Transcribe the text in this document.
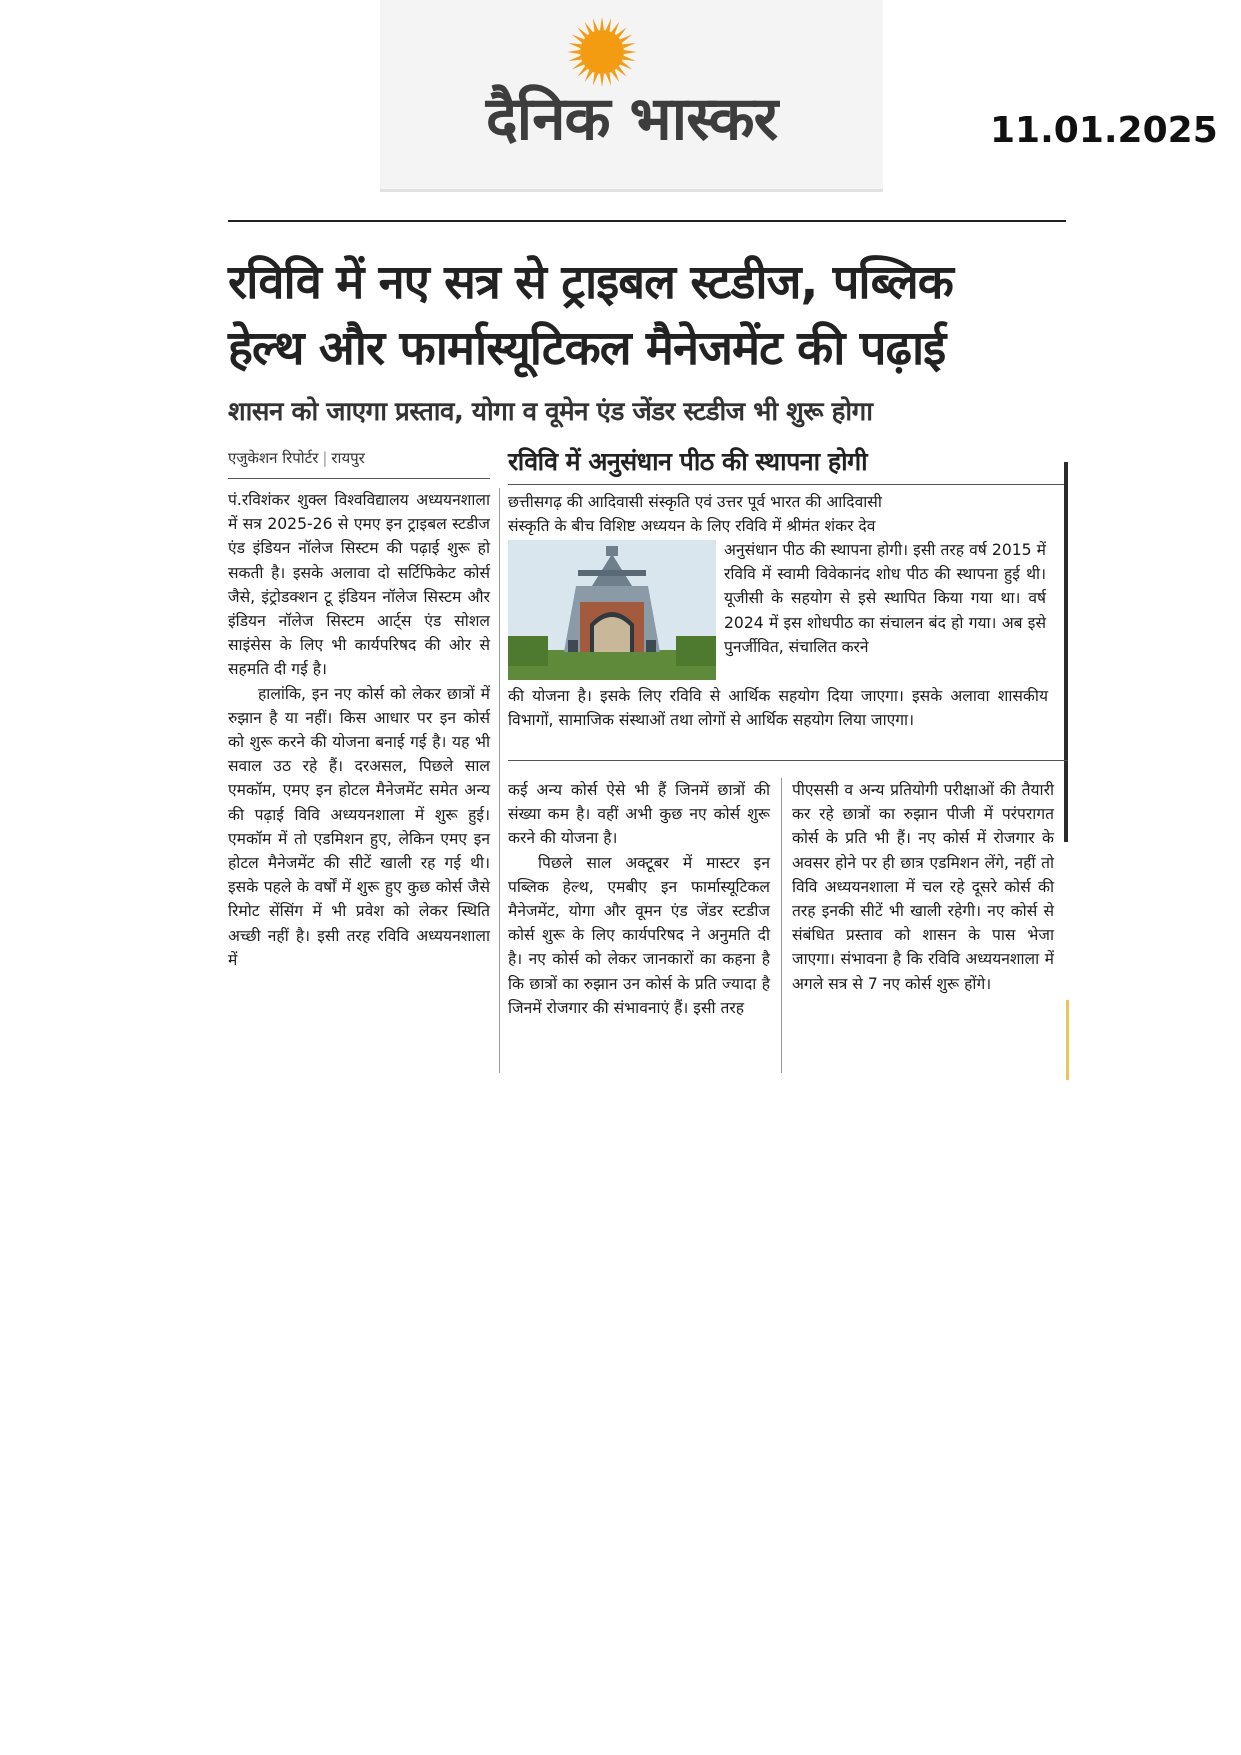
दैनिक भास्कर	11.01.2025
रविवि में नए सत्र से ट्राइबल स्टडीज, पब्लिक
हेल्थ और फार्मास्यूटिकल मैनेजमेंट की पढ़ाई
शासन को जाएगा प्रस्ताव, योगा व वूमेन एंड जेंडर स्टडीज भी शुरू होगा
एजुकेशन रिपोर्टर | रायपुर

पं.रविशंकर शुक्ल विश्वविद्यालय अध्ययनशाला में सत्र 2025-26 से एमए इन ट्राइबल स्टडीज एंड इंडियन नॉलेज सिस्टम की पढ़ाई शुरू हो सकती है। इसके अलावा दो सर्टिफिकेट कोर्स जैसे, इंट्रोडक्शन टू इंडियन नॉलेज सिस्टम और इंडियन नॉलेज सिस्टम आर्ट्स एंड सोशल साइंसेस के लिए भी कार्यपरिषद की ओर से सहमति दी गई है।

हालांकि, इन नए कोर्स को लेकर छात्रों में रुझान है या नहीं। किस आधार पर इन कोर्स को शुरू करने की योजना बनाई गई है। यह भी सवाल उठ रहे हैं। दरअसल, पिछले साल एमकॉम, एमए इन होटल मैनेजमेंट समेत अन्य की पढ़ाई विवि अध्ययनशाला में शुरू हुई। एमकॉम में तो एडमिशन हुए, लेकिन एमए इन होटल मैनेजमेंट की सीटें खाली रह गई थी। इसके पहले के वर्षों में शुरू हुए कुछ कोर्स जैसे रिमोट सेंसिंग में भी प्रवेश को लेकर स्थिति अच्छी नहीं है। इसी तरह रविवि अध्ययनशाला में

रविवि में अनुसंधान पीठ की स्थापना होगी
छत्तीसगढ़ की आदिवासी संस्कृति एवं उत्तर पूर्व भारत की आदिवासी
संस्कृति के बीच विशिष्ट अध्ययन के लिए रविवि में श्रीमंत शंकर देव
अनुसंधान पीठ की स्थापना होगी। इसी तरह वर्ष 2015 में रविवि में स्वामी विवेकानंद शोध पीठ की स्थापना हुई थी। यूजीसी के सहयोग से इसे स्थापित किया गया था। वर्ष 2024 में इस शोधपीठ का संचालन बंद हो गया। अब इसे पुनर्जीवित, संचालित करने
की योजना है। इसके लिए रविवि से आर्थिक सहयोग दिया जाएगा। इसके अलावा शासकीय विभागों, सामाजिक संस्थाओं तथा लोगों से आर्थिक सहयोग लिया जाएगा।

कई अन्य कोर्स ऐसे भी हैं जिनमें छात्रों की संख्या कम है। वहीं अभी कुछ नए कोर्स शुरू करने की योजना है।

पिछले साल अक्टूबर में मास्टर इन पब्लिक हेल्थ, एमबीए इन फार्मास्यूटिकल मैनेजमेंट, योगा और वूमन एंड जेंडर स्टडीज कोर्स शुरू के लिए कार्यपरिषद ने अनुमति दी है। नए कोर्स को लेकर जानकारों का कहना है कि छात्रों का रुझान उन कोर्स के प्रति ज्यादा है जिनमें रोजगार की संभावनाएं हैं। इसी तरह

पीएससी व अन्य प्रतियोगी परीक्षाओं की तैयारी कर रहे छात्रों का रुझान पीजी में परंपरागत कोर्स के प्रति भी हैं। नए कोर्स में रोजगार के अवसर होने पर ही छात्र एडमिशन लेंगे, नहीं तो विवि अध्ययनशाला में चल रहे दूसरे कोर्स की तरह इनकी सीटें भी खाली रहेगी। नए कोर्स से संबंधित प्रस्ताव को शासन के पास भेजा जाएगा। संभावना है कि रविवि अध्ययनशाला में अगले सत्र से 7 नए कोर्स शुरू होंगे।
